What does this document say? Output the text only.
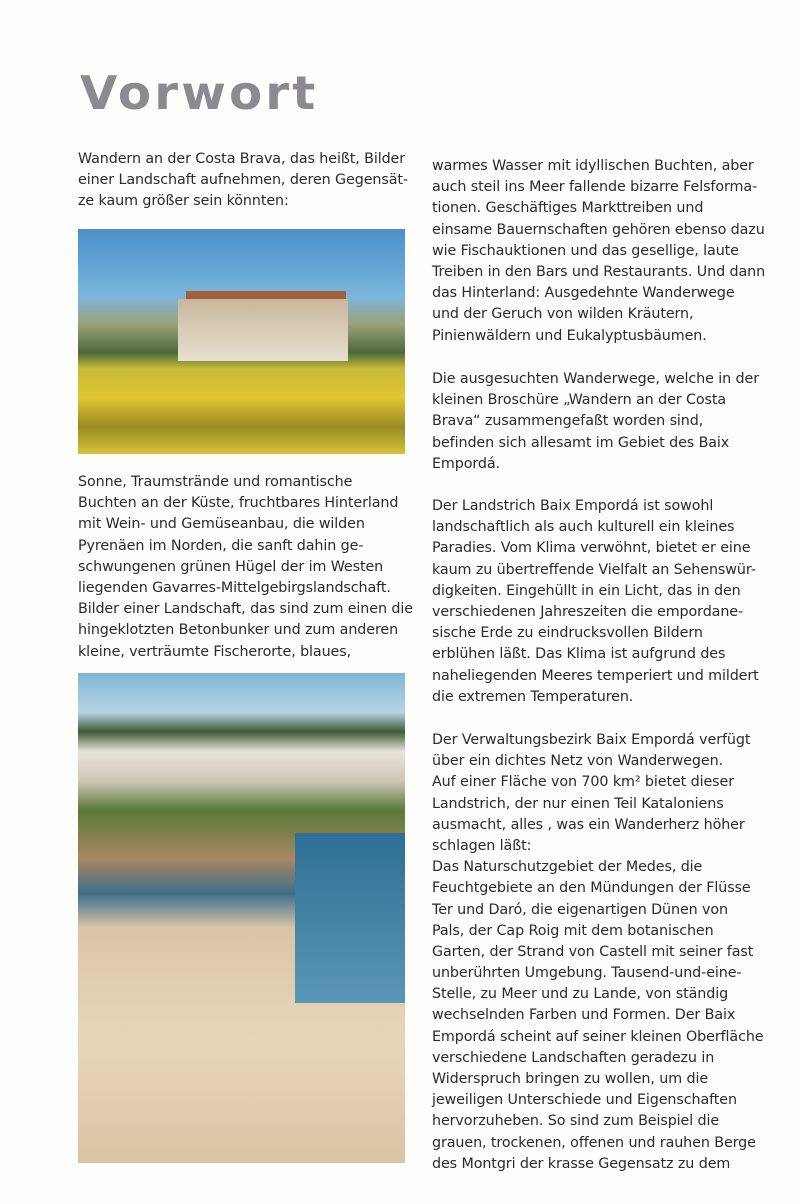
Vorwort
Wandern an der Costa Brava, das heißt, Bilder
einer Landschaft aufnehmen, deren Gegensät-
ze kaum größer sein könnten:
Sonne, Traumstrände und romantische
Buchten an der Küste, fruchtbares Hinterland
mit Wein- und Gemüseanbau, die wilden
Pyrenäen im Norden, die sanft dahin ge-
schwungenen grünen Hügel der im Westen
liegenden Gavarres-Mittelgebirgslandschaft.
Bilder einer Landschaft, das sind zum einen die
hingeklotzten Betonbunker und zum anderen
kleine, verträumte Fischerorte, blaues,
warmes Wasser mit idyllischen Buchten, aber
auch steil ins Meer fallende bizarre Felsforma-
tionen. Geschäftiges Markttreiben und
einsame Bauernschaften gehören ebenso dazu
wie Fischauktionen und das gesellige, laute
Treiben in den Bars und Restaurants. Und dann
das Hinterland: Ausgedehnte Wanderwege
und der Geruch von wilden Kräutern,
Pinienwäldern und Eukalyptusbäumen.
Die ausgesuchten Wanderwege, welche in der
kleinen Broschüre „Wandern an der Costa
Brava“ zusammengefaßt worden sind,
befinden sich allesamt im Gebiet des Baix
Empordá.
Der Landstrich Baix Empordá ist sowohl
landschaftlich als auch kulturell ein kleines
Paradies. Vom Klima verwöhnt, bietet er eine
kaum zu übertreffende Vielfalt an Sehenswür-
digkeiten. Eingehüllt in ein Licht, das in den
verschiedenen Jahreszeiten die empordane-
sische Erde zu eindrucksvollen Bildern
erblühen läßt. Das Klima ist aufgrund des
naheliegenden Meeres temperiert und mildert
die extremen Temperaturen.
Der Verwaltungsbezirk Baix Empordá verfügt
über ein dichtes Netz von Wanderwegen.
Auf einer Fläche von 700 km² bietet dieser
Landstrich, der nur einen Teil Kataloniens
ausmacht, alles , was ein Wanderherz höher
schlagen läßt:
Das Naturschutzgebiet der Medes, die
Feuchtgebiete an den Mündungen der Flüsse
Ter und Daró, die eigenartigen Dünen von
Pals, der Cap Roig mit dem botanischen
Garten, der Strand von Castell mit seiner fast
unberührten Umgebung. Tausend-und-eine-
Stelle, zu Meer und zu Lande, von ständig
wechselnden Farben und Formen. Der Baix
Empordá scheint auf seiner kleinen Oberfläche
verschiedene Landschaften geradezu in
Widerspruch bringen zu wollen, um die
jeweiligen Unterschiede und Eigenschaften
hervorzuheben. So sind zum Beispiel die
grauen, trockenen, offenen und rauhen Berge
des Montgri der krasse Gegensatz zu dem
